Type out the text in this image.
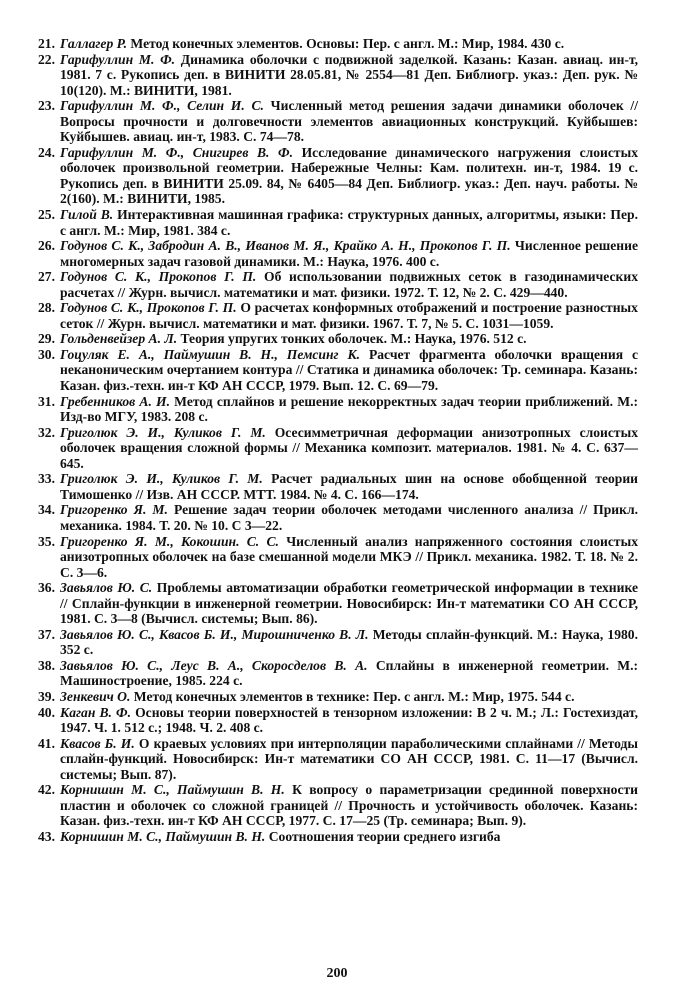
21. Галлагер Р. Метод конечных элементов. Основы: Пер. с англ. М.: Мир, 1984. 430 с.
22. Гарифуллин М. Ф. Динамика оболочки с подвижной заделкой. Казань: Казан. авиац. ин-т, 1981. 7 с. Рукопись деп. в ВИНИТИ 28.05.81, № 2554—81 Деп. Библиогр. указ.: Деп. рук. № 10(120). М.: ВИНИТИ, 1981.
23. Гарифуллин М. Ф., Селин И. С. Численный метод решения задачи динамики оболочек // Вопросы прочности и долговечности элементов авиационных конструкций. Куйбышев: Куйбышев. авиац. ин-т, 1983. С. 74—78.
24. Гарифуллин М. Ф., Снигирев В. Ф. Исследование динамического нагружения слоистых оболочек произвольной геометрии. Набережные Челны: Кам. политехн. ин-т, 1984. 19 с. Рукопись деп. в ВИНИТИ 25.09. 84, № 6405—84 Деп. Библиогр. указ.: Деп. науч. работы. № 2(160). М.: ВИНИТИ, 1985.
25. Гилой В. Интерактивная машинная графика: структурных данных, алгоритмы, языки: Пер. с англ. М.: Мир, 1981. 384 с.
26. Годунов С. К., Забродин А. В., Иванов М. Я., Крайко А. Н., Прокопов Г. П. Численное решение многомерных задач газовой динамики. М.: Наука, 1976. 400 с.
27. Годунов С. К., Прокопов Г. П. Об использовании подвижных сеток в газодинамических расчетах // Журн. вычисл. математики и мат. физики. 1972. Т. 12, № 2. С. 429—440.
28. Годунов С. К., Прокопов Г. П. О расчетах конформных отображений и построение разностных сеток // Журн. вычисл. математики и мат. физики. 1967. Т. 7, № 5. С. 1031—1059.
29. Гольденвейзер А. Л. Теория упругих тонких оболочек. М.: Наука, 1976. 512 с.
30. Гоцуляк Е. А., Паймушин В. Н., Пемсинг К. Расчет фрагмента оболочки вращения с неканоническим очертанием контура // Статика и динамика оболочек: Тр. семинара. Казань: Казан. физ.-техн. ин-т КФ АН СССР, 1979. Вып. 12. С. 69—79.
31. Гребенников А. И. Метод сплайнов и решение некорректных задач теории приближений. М.: Изд-во МГУ, 1983. 208 с.
32. Григолюк Э. И., Куликов Г. М. Осесимметричная деформации анизотропных слоистых оболочек вращения сложной формы // Механика композит. материалов. 1981. № 4. С. 637—645.
33. Григолюк Э. И., Куликов Г. М. Расчет радиальных шин на основе обобщенной теории Тимошенко // Изв. АН СССР. МТТ. 1984. № 4. С. 166—174.
34. Григоренко Я. М. Решение задач теории оболочек методами численного анализа // Прикл. механика. 1984. Т. 20. № 10. С 3—22.
35. Григоренко Я. М., Кокошин. С. С. Численный анализ напряженного состояния слоистых анизотропных оболочек на базе смешанной модели МКЭ // Прикл. механика. 1982. Т. 18. № 2. С. 3—6.
36. Завьялов Ю. С. Проблемы автоматизации обработки геометрической информации в технике // Сплайн-функции в инженерной геометрии. Новосибирск: Ин-т математики СО АН СССР, 1981. С. 3—8 (Вычисл. системы; Вып. 86).
37. Завьялов Ю. С., Квасов Б. И., Мирошниченко В. Л. Методы сплайн-функций. М.: Наука, 1980. 352 с.
38. Завьялов Ю. С., Леус В. А., Скоросделов В. А. Сплайны в инженерной геометрии. М.: Машиностроение, 1985. 224 с.
39. Зенкевич О. Метод конечных элементов в технике: Пер. с англ. М.: Мир, 1975. 544 с.
40. Каган В. Ф. Основы теории поверхностей в тензорном изложении: В 2 ч. М.; Л.: Гостехиздат, 1947. Ч. 1. 512 с.; 1948. Ч. 2. 408 с.
41. Квасов Б. И. О краевых условиях при интерполяции параболическими сплайнами // Методы сплайн-функций. Новосибирск: Ин-т математики СО АН СССР, 1981. С. 11—17 (Вычисл. системы; Вып. 87).
42. Корнишин М. С., Паймушин В. Н. К вопросу о параметризации срединной поверхности пластин и оболочек со сложной границей // Прочность и устойчивость оболочек. Казань: Казан. физ.-техн. ин-т КФ АН СССР, 1977. С. 17—25 (Тр. семинара; Вып. 9).
43. Корнишин М. С., Паймушин В. Н. Соотношения теории среднего изгиба
200
